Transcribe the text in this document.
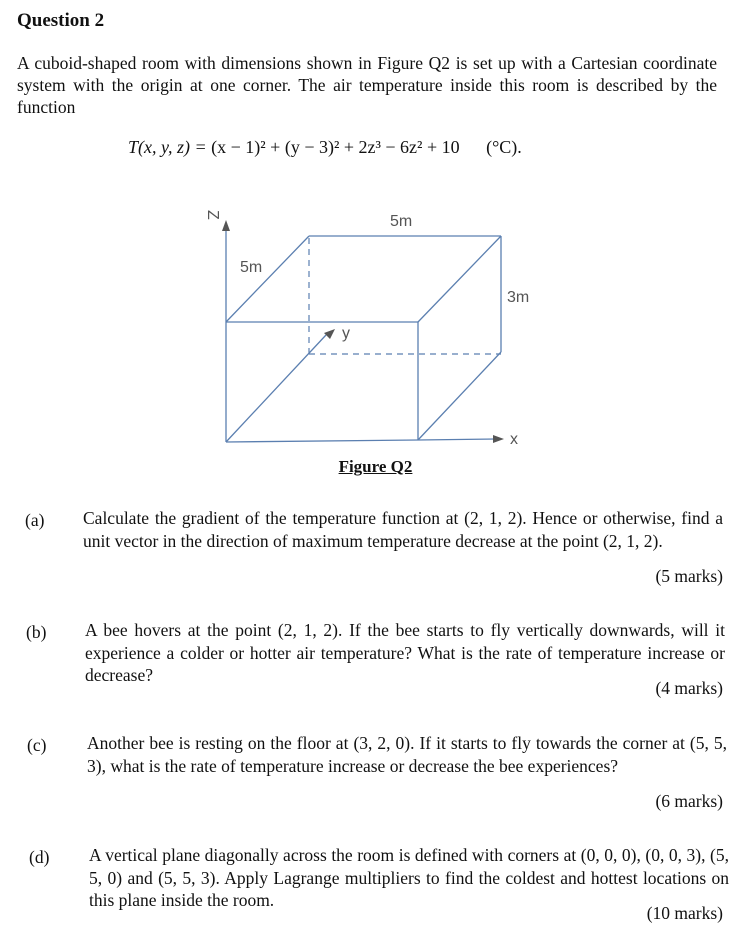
Question 2
A cuboid-shaped room with dimensions shown in Figure Q2 is set up with a Cartesian coordinate system with the origin at one corner. The air temperature inside this room is described by the function
T(x, y, z) = (x − 1)² + (y − 3)² + 2z³ − 6z² + 10 (°C).
Z
y
x
5m
5m
3m
Figure Q2
(a) Calculate the gradient of the temperature function at (2, 1, 2). Hence or otherwise, find a unit vector in the direction of maximum temperature decrease at the point (2, 1, 2).
(5 marks)
(b) A bee hovers at the point (2, 1, 2). If the bee starts to fly vertically downwards, will it experience a colder or hotter air temperature? What is the rate of temperature increase or decrease?
(4 marks)
(c) Another bee is resting on the floor at (3, 2, 0). If it starts to fly towards the corner at (5, 5, 3), what is the rate of temperature increase or decrease the bee experiences?
(6 marks)
(d) A vertical plane diagonally across the room is defined with corners at (0, 0, 0), (0, 0, 3), (5, 5, 0) and (5, 5, 3). Apply Lagrange multipliers to find the coldest and hottest locations on this plane inside the room.
(10 marks)
